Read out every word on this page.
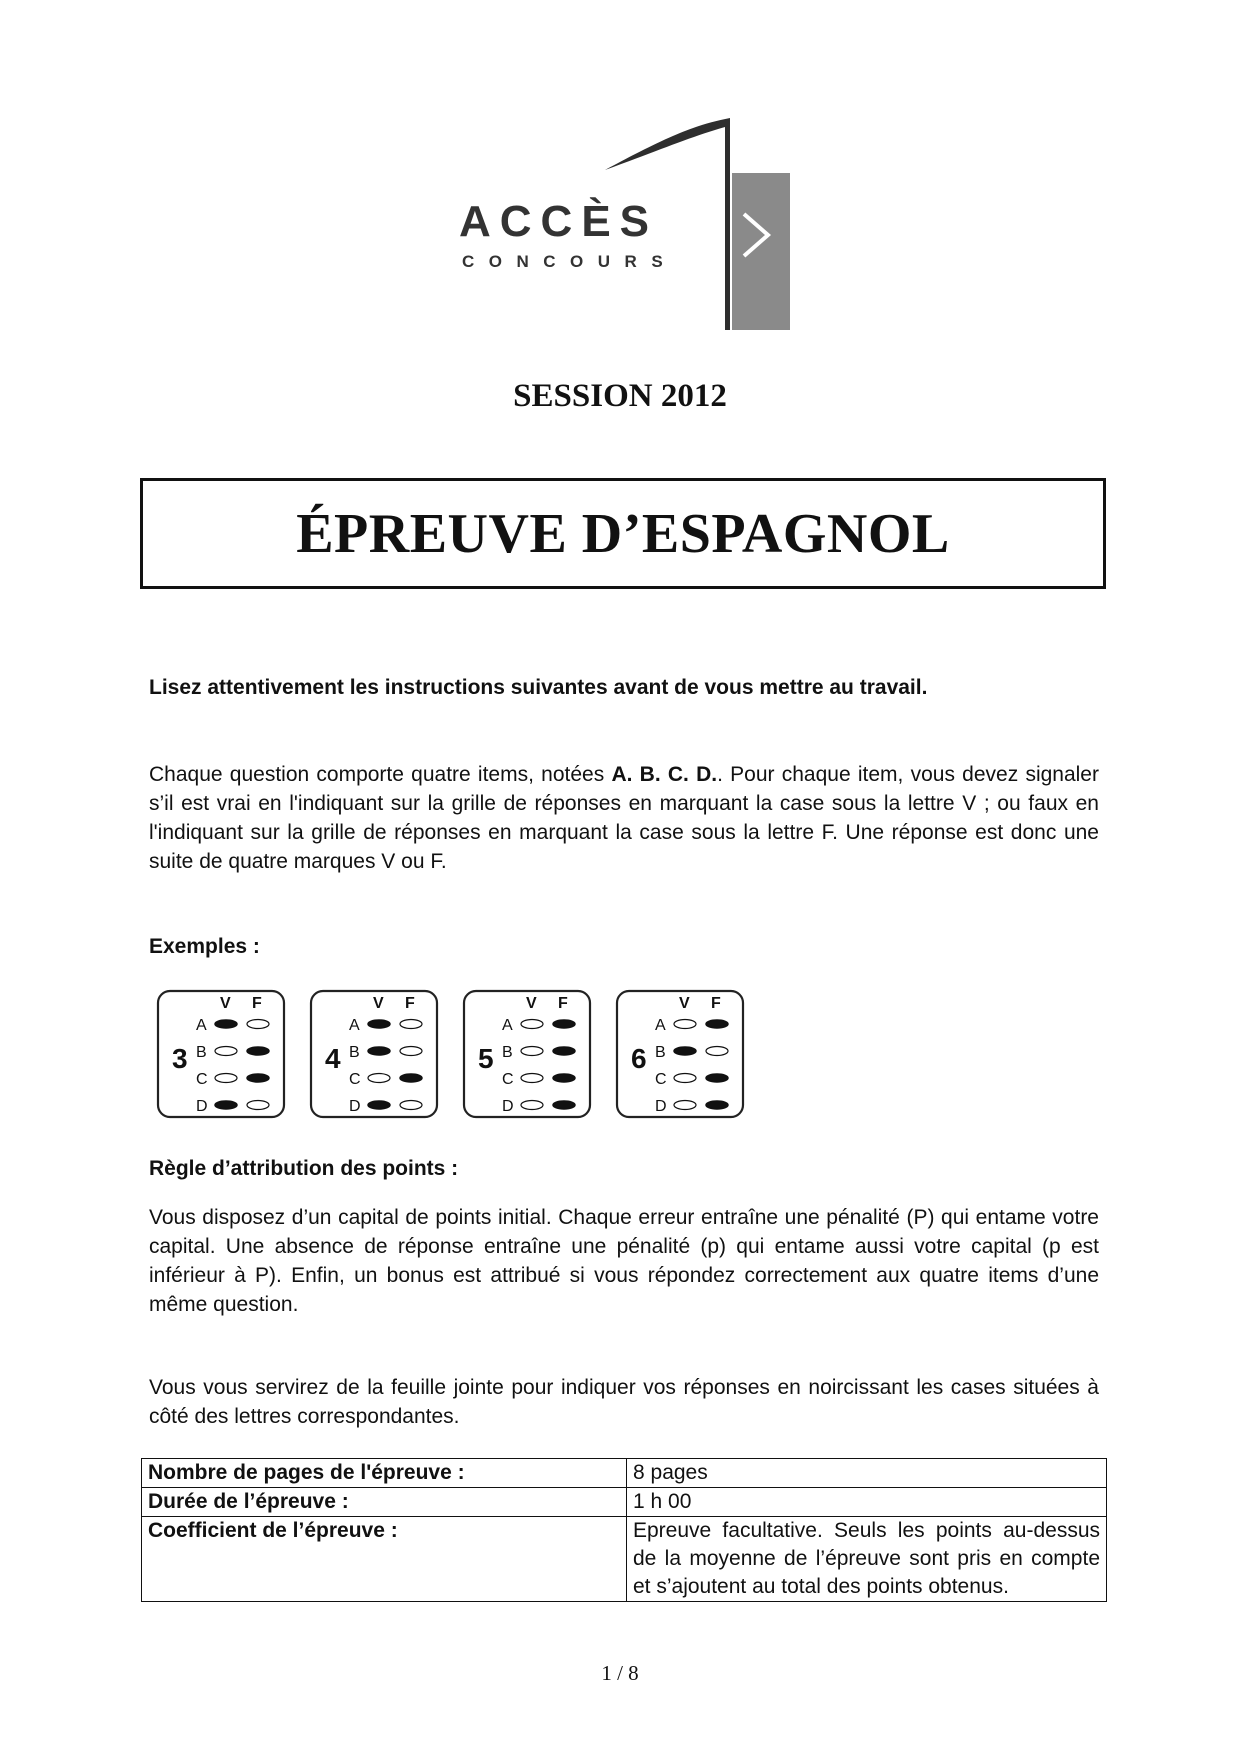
ACCÈS
CONCOURS
SESSION 2012
ÉPREUVE D’ESPAGNOL
Lisez attentivement les instructions suivantes avant de vous mettre au travail.
Chaque question comporte quatre items, notées A. B. C. D.. Pour chaque item, vous devez signaler s’il est vrai en l'indiquant sur la grille de réponses en marquant la case sous la lettre V ; ou faux en l'indiquant sur la grille de réponses en marquant la case sous la lettre F. Une réponse est donc une suite de quatre marques V ou F.
Exemples :
3
V F
A
B
C
D
4
V F
A
B
C
D
5
V F
A
B
C
D
6
V F
A
B
C
D
Règle d’attribution des points :
Vous disposez d’un capital de points initial. Chaque erreur entraîne une pénalité (P) qui entame votre capital. Une absence de réponse entraîne une pénalité (p) qui entame aussi votre capital (p est inférieur à P). Enfin, un bonus est attribué si vous répondez correctement aux quatre items d’une même question.
Vous vous servirez de la feuille jointe pour indiquer vos réponses en noircissant les cases situées à côté des lettres correspondantes.
Nombre de pages de l'épreuve :	8 pages
Durée de l’épreuve :	1 h 00
Coefficient de l’épreuve :	Epreuve facultative. Seuls les points au-dessus de la moyenne de l’épreuve sont pris en compte et s’ajoutent au total des points obtenus.
1 / 8
